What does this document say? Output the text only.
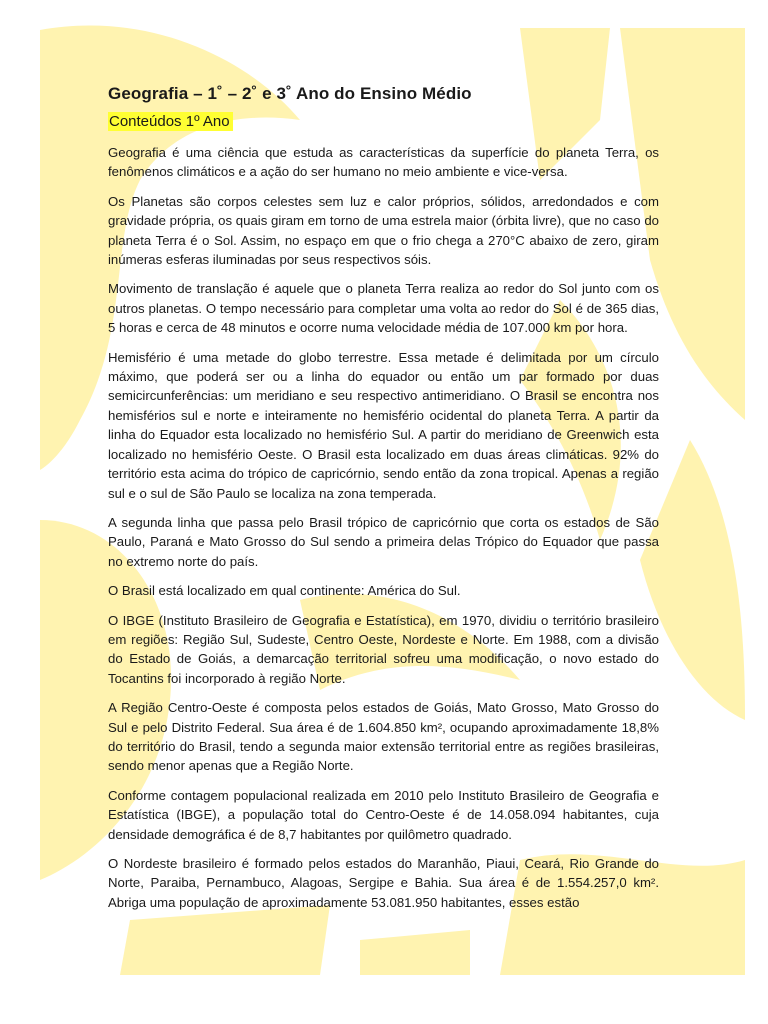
Geografia – 1˚ – 2˚ e 3˚ Ano do Ensino Médio
Conteúdos 1º Ano

Geografia é uma ciência que estuda as características da superfície do planeta Terra, os fenômenos climáticos e a ação do ser humano no meio ambiente e vice-versa.

Os Planetas são corpos celestes sem luz e calor próprios, sólidos, arredondados e com gravidade própria, os quais giram em torno de uma estrela maior (órbita livre), que no caso do planeta Terra é o Sol. Assim, no espaço em que o frio chega a 270°C abaixo de zero, giram inúmeras esferas iluminadas por seus respectivos sóis.

Movimento de translação é aquele que o planeta Terra realiza ao redor do Sol junto com os outros planetas. O tempo necessário para completar uma volta ao redor do Sol é de 365 dias, 5 horas e cerca de 48 minutos e ocorre numa velocidade média de 107.000 km por hora.

Hemisfério é uma metade do globo terrestre. Essa metade é delimitada por um círculo máximo, que poderá ser ou a linha do equador ou então um par formado por duas semicircunferências: um meridiano e seu respectivo antimeridiano. O Brasil se encontra nos hemisférios sul e norte e inteiramente no hemisfério ocidental do planeta Terra. A partir da linha do Equador esta localizado no hemisfério Sul. A partir do meridiano de Greenwich esta localizado no hemisfério Oeste. O Brasil esta localizado em duas áreas climáticas. 92% do território esta acima do trópico de capricórnio, sendo então da zona tropical. Apenas a região sul e o sul de São Paulo se localiza na zona temperada.

A segunda linha que passa pelo Brasil trópico de capricórnio que corta os estados de São Paulo, Paraná e Mato Grosso do Sul sendo a primeira delas Trópico do Equador que passa no extremo norte do país.

O Brasil está localizado em qual continente: América do Sul.

O IBGE (Instituto Brasileiro de Geografia e Estatística), em 1970, dividiu o território brasileiro em regiões: Região Sul, Sudeste, Centro Oeste, Nordeste e Norte. Em 1988, com a divisão do Estado de Goiás, a demarcação territorial sofreu uma modificação, o novo estado do Tocantins foi incorporado à região Norte.

A Região Centro-Oeste é composta pelos estados de Goiás, Mato Grosso, Mato Grosso do Sul e pelo Distrito Federal. Sua área é de 1.604.850 km², ocupando aproximadamente 18,8% do território do Brasil, tendo a segunda maior extensão territorial entre as regiões brasileiras, sendo menor apenas que a Região Norte.

Conforme contagem populacional realizada em 2010 pelo Instituto Brasileiro de Geografia e Estatística (IBGE), a população total do Centro-Oeste é de 14.058.094 habitantes, cuja densidade demográfica é de 8,7 habitantes por quilômetro quadrado.

O Nordeste brasileiro é formado pelos estados do Maranhão, Piaui, Ceará, Rio Grande do Norte, Paraiba, Pernambuco, Alagoas, Sergipe e Bahia. Sua área é de 1.554.257,0 km². Abriga uma população de aproximadamente 53.081.950 habitantes, esses estão
